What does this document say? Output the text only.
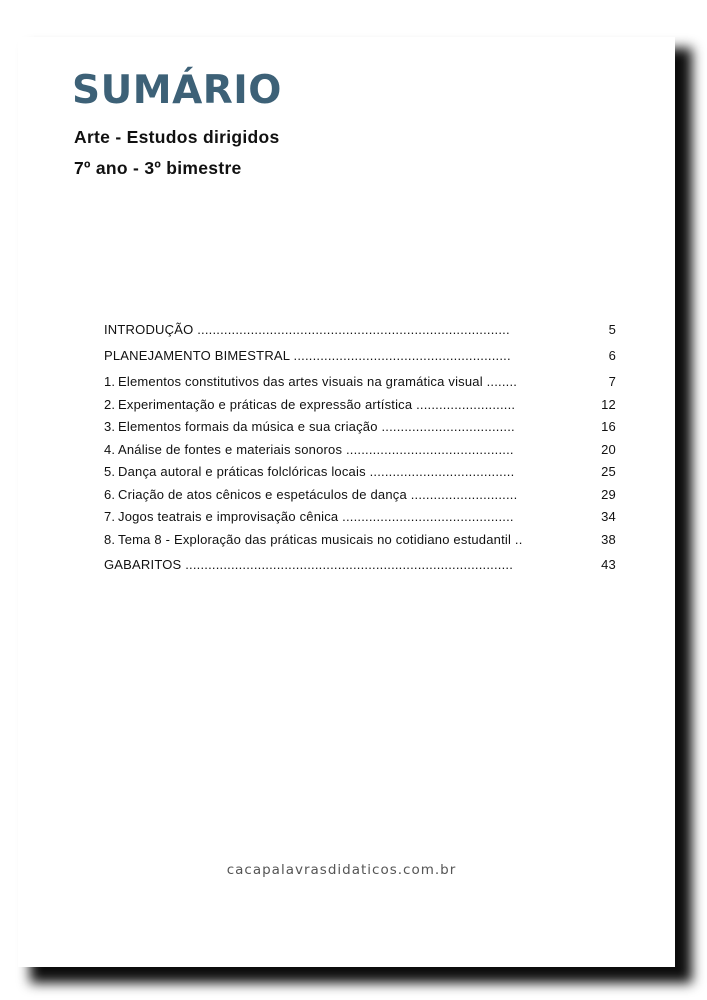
SUMÁRIO
Arte - Estudos dirigidos
7º ano - 3º bimestre
INTRODUÇÃO ..................................................................................	5
PLANEJAMENTO BIMESTRAL .........................................................	6
1. Elementos constitutivos das artes visuais na gramática visual ........	7
2. Experimentação e práticas de expressão artística ..........................	12
3. Elementos formais da música e sua criação ...................................	16
4. Análise de fontes e materiais sonoros ............................................	20
5. Dança autoral e práticas folclóricas locais ......................................	25
6. Criação de atos cênicos e espetáculos de dança ............................	29
7. Jogos teatrais e improvisação cênica .............................................	34
8. Tema 8 - Exploração das práticas musicais no cotidiano estudantil ..	38
GABARITOS ......................................................................................	43
cacapalavrasdidaticos.com.br
